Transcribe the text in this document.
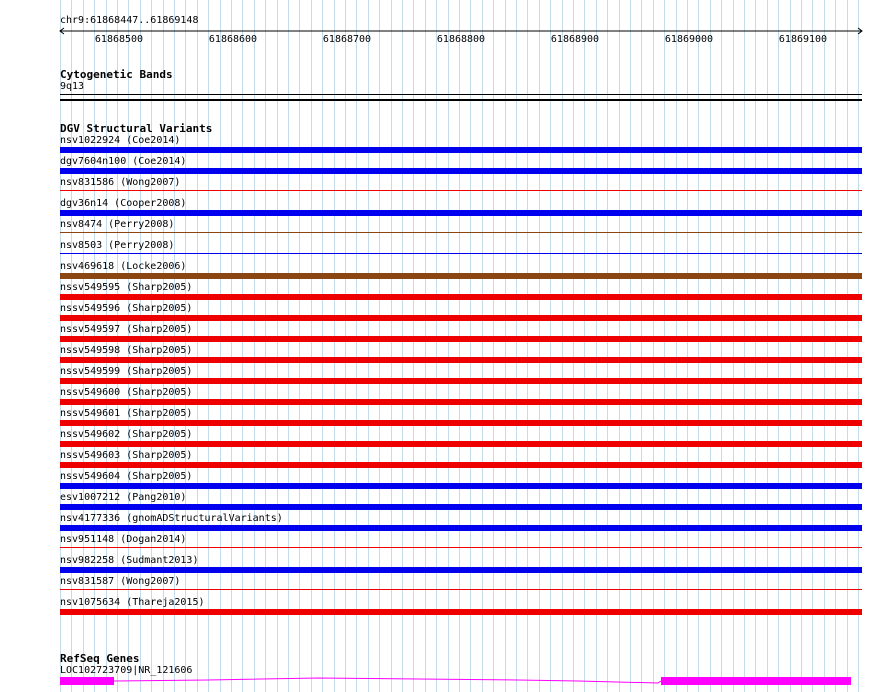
chr9:61868447..61869148
61868500	61868600	61868700	61868800	61868900	61869000	61869100
Cytogenetic Bands
9q13
DGV Structural Variants
nsv1022924 (Coe2014)
dgv7604n100 (Coe2014)
nsv831586 (Wong2007)
dgv36n14 (Cooper2008)
nsv8474 (Perry2008)
nsv8503 (Perry2008)
nsv469618 (Locke2006)
nssv549595 (Sharp2005)
nssv549596 (Sharp2005)
nssv549597 (Sharp2005)
nssv549598 (Sharp2005)
nssv549599 (Sharp2005)
nssv549600 (Sharp2005)
nssv549601 (Sharp2005)
nssv549602 (Sharp2005)
nssv549603 (Sharp2005)
nssv549604 (Sharp2005)
esv1007212 (Pang2010)
nsv4177336 (gnomADStructuralVariants)
nsv951148 (Dogan2014)
nsv982258 (Sudmant2013)
nsv831587 (Wong2007)
nsv1075634 (Thareja2015)
RefSeq Genes
LOC102723709|NR_121606
